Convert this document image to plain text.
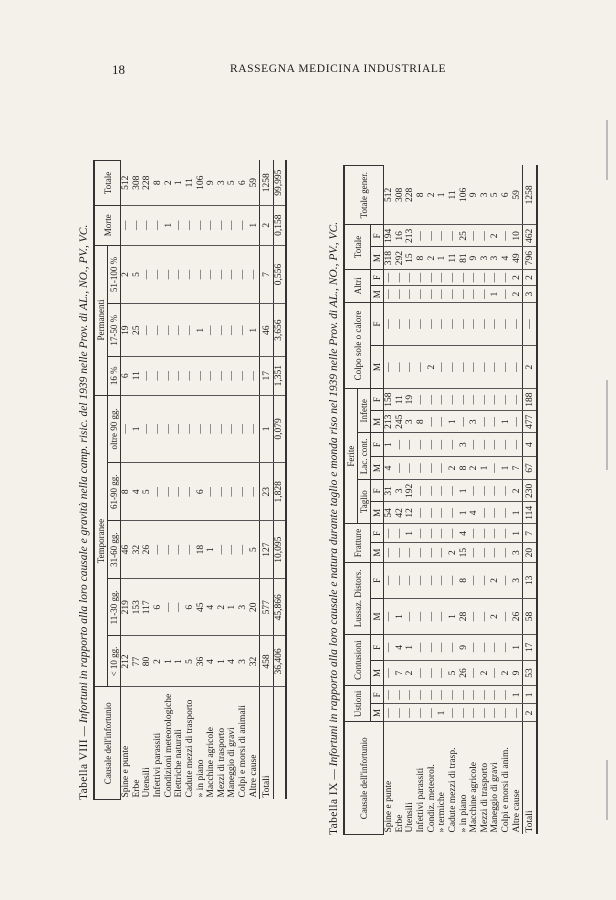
18	RASSEGNA MEDICINA INDUSTRIALE
Tabella VIII — Infortuni in rapporto alla loro causale e gravità nella camp. risic. del 1939 nelle Prov. di AL., NO., PV., VC.
Causale dell'infortunio	Temporanee					Permanenti			Morte	Totale
	< 10 gg.	11-30 gg.	31-60 gg.	61-90 gg.	oltre 90 gg.	16 %	17-50 %	51-100 %		
Spine e punte	212	219	46	8	—	6	19	2	—	512
Erbe	77	153	32	4	1	11	25	5	—	308
Utensili	80	117	26	5	—	—	—	—	—	228
Infettivi parassiti	2	6	—	—	—	—	—	—	—	8
Condizioni meteorologiche	1	—	—	—	—	—	—	—	1	2
Elettriche naturali	1	—	—	—	—	—	—	—	—	1
Cadute mezzi di trasporto	5	6	—	—	—	—	—	—	—	11
» in piano	36	45	18	6	—	—	1	—	—	106
Macchine agricole	4	4	1	—	—	—	—	—	—	9
Mezzi di trasporto	1	2	—	—	—	—	—	—	—	3
Maneggio di gravi	4	1	—	—	—	—	—	—	—	5
Colpi e morsi di animali	3	3	—	—	—	—	—	—	—	6
Altre cause	32	20	5	—	—	—	1	—	1	59
Totali	458	577	127	23	1	17	46	7	2	1258
	36,406	45,866	10,095	1,828	0,079	1,351	3,656	0,556	0,158	99,995
Tabella IX — Infortuni in rapporto alla loro causale e natura durante taglio e monda riso nel 1939 nelle Prov. di AL., NO., PV., VC. Causale dell'infortunio	Ustioni		Contusioni		Lussaz. Distors.		Fratture		Ferite						Colpo sole o calore		Altri		Totale		Totale gener.
									Taglio		Lac. cont.		Infette								
	M	F	M	F	M	F	M	F	M	F	M	F	M	F	M	F	M	F	M	F	
Spine e punte	—	—	—	—	—	—	—	—	54	31	4	1	213	158	—	—	—	—	318	194	512
Erbe	—	—	7	4	1	—	—	—	42	3	—	—	245	11	—	—	—	—	292	16	308
Utensili	—	—	2	1	—	—	—	1	12	192	—	—	3	19	—	—	—	—	15	213	228
Infettivi parassiti	—	—	—	—	—	—	—	—	—	—	—	—	8	—	—	—	—	—	8	—	8
Condiz. meteorol.	—	—	—	—	—	—	—	—	—	—	—	—	—	—	2	—	—	—	2	—	2
» termiche	1	—	—	—	—	—	—	—	—	—	—	—	—	—	—	—	—	—	1	—	1
Cadute mezzi di trasp.	—	—	5	—	1	—	2	—	—	—	2	—	1	—	—	—	—	—	11	—	11
» in piano	—	—	26	9	28	8	15	4	1	1	8	3	—	—	—	—	—	—	81	25	106
Macchine agricole	—	—	—	—	—	—	—	—	4	—	2	—	3	—	—	—	—	—	9	—	9
Mezzi di trasporto	—	—	2	—	—	—	—	—	—	—	1	—	—	—	—	—	—	—	3	—	3
Maneggio di gravi	—	—	—	—	2	2	—	—	—	—	—	—	—	—	—	—	1	—	3	2	5
Colpi e morsi di anim.	—	—	2	—	—	—	—	—	—	—	1	—	1	—	—	—	—	—	4	—	6
Altre cause	—	1	9	1	26	3	3	1	1	2	7	—	—	—	—	—	2	2	49	10	59
Totali	2	1	53	17	58	13	20	7	114	230	67	4	477	188	2	—	3	2	796	462	1258
